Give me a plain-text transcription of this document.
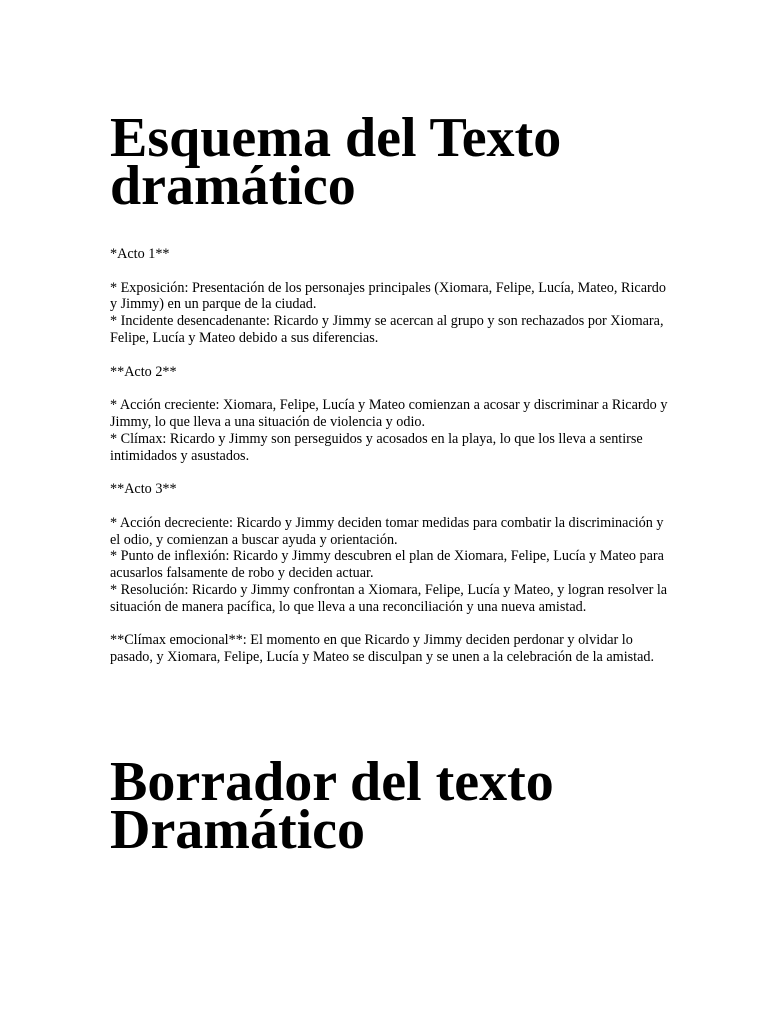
Esquema del Texto
dramático

*Acto 1**

* Exposición: Presentación de los personajes principales (Xiomara, Felipe, Lucía, Mateo, Ricardo y Jimmy) en un parque de la ciudad.

* Incidente desencadenante: Ricardo y Jimmy se acercan al grupo y son rechazados por Xiomara, Felipe, Lucía y Mateo debido a sus diferencias.

**Acto 2**

* Acción creciente: Xiomara, Felipe, Lucía y Mateo comienzan a acosar y discriminar a Ricardo y Jimmy, lo que lleva a una situación de violencia y odio.

* Clímax: Ricardo y Jimmy son perseguidos y acosados en la playa, lo que los lleva a sentirse intimidados y asustados.

**Acto 3**

* Acción decreciente: Ricardo y Jimmy deciden tomar medidas para combatir la discriminación y el odio, y comienzan a buscar ayuda y orientación.

* Punto de inflexión: Ricardo y Jimmy descubren el plan de Xiomara, Felipe, Lucía y Mateo para acusarlos falsamente de robo y deciden actuar.

* Resolución: Ricardo y Jimmy confrontan a Xiomara, Felipe, Lucía y Mateo, y logran resolver la situación de manera pacífica, lo que lleva a una reconciliación y una nueva amistad.

**Clímax emocional**: El momento en que Ricardo y Jimmy deciden perdonar y olvidar lo pasado, y Xiomara, Felipe, Lucía y Mateo se disculpan y se unen a la celebración de la amistad.

Borrador del texto
Dramático
